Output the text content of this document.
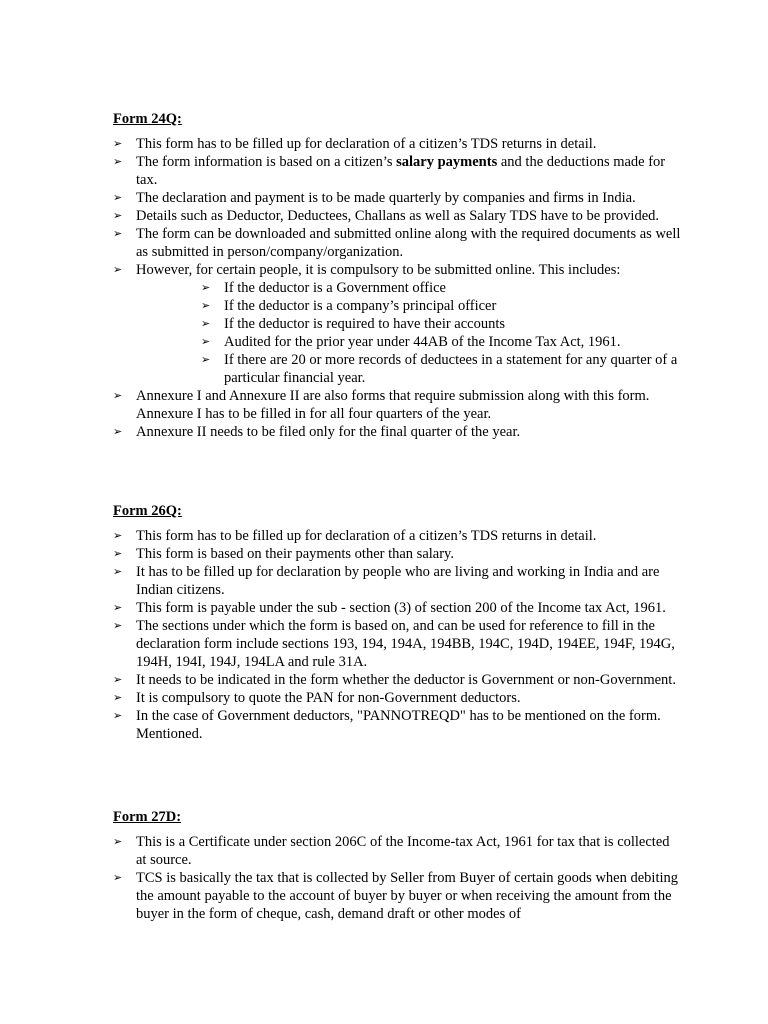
Form 24Q:

➢ This form has to be filled up for declaration of a citizen’s TDS returns in detail.
➢ The form information is based on a citizen’s salary payments and the deductions made for tax.
➢ The declaration and payment is to be made quarterly by companies and firms in India.
➢ Details such as Deductor, Deductees, Challans as well as Salary TDS have to be provided.
➢ The form can be downloaded and submitted online along with the required documents as well as submitted in person/company/organization.
➢ However, for certain people, it is compulsory to be submitted online. This includes:
➢ If the deductor is a Government office
➢ If the deductor is a company’s principal officer
➢ If the deductor is required to have their accounts
➢ Audited for the prior year under 44AB of the Income Tax Act, 1961.
➢ If there are 20 or more records of deductees in a statement for any quarter of a particular financial year.
➢ Annexure I and Annexure II are also forms that require submission along with this form. Annexure I has to be filled in for all four quarters of the year.
➢ Annexure II needs to be filed only for the final quarter of the year.

Form 26Q:

➢ This form has to be filled up for declaration of a citizen’s TDS returns in detail.
➢ This form is based on their payments other than salary.
➢ It has to be filled up for declaration by people who are living and working in India and are Indian citizens.
➢ This form is payable under the sub - section (3) of section 200 of the Income tax Act, 1961.
➢ The sections under which the form is based on, and can be used for reference to fill in the declaration form include sections 193, 194, 194A, 194BB, 194C, 194D, 194EE, 194F, 194G, 194H, 194I, 194J, 194LA and rule 31A.
➢ It needs to be indicated in the form whether the deductor is Government or non-Government.
➢ It is compulsory to quote the PAN for non-Government deductors.
➢ In the case of Government deductors, "PANNOTREQD" has to be mentioned on the form. Mentioned.

Form 27D:

➢ This is a Certificate under section 206C of the Income-tax Act, 1961 for tax that is collected at source.
➢ TCS is basically the tax that is collected by Seller from Buyer of certain goods when debiting the amount payable to the account of buyer by buyer or when receiving the amount from the buyer in the form of cheque, cash, demand draft or other modes of
